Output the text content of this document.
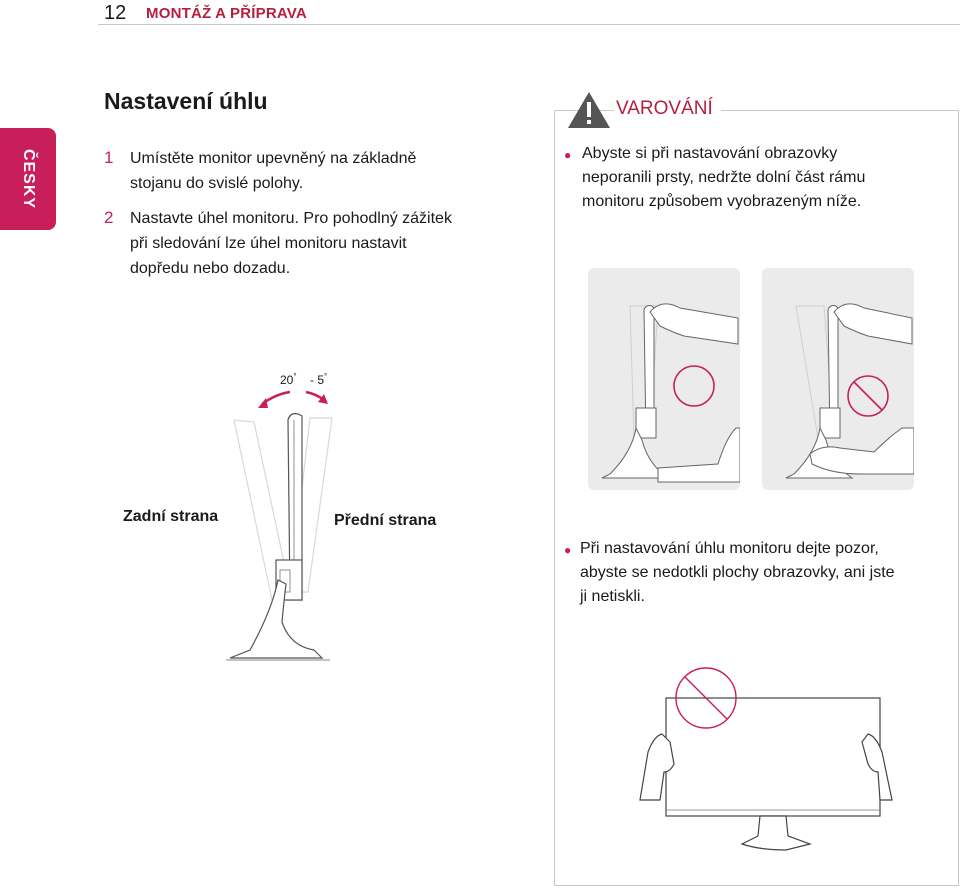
12 MONTÁŽ A PŘÍPRAVA
ČESKY
Nastavení úhlu
1 Umístěte monitor upevněný na základně
stojanu do svislé polohy.
2 Nastavte úhel monitoru. Pro pohodlný zážitek
při sledování lze úhel monitoru nastavit
dopředu nebo dozadu.
20° - 5°
Zadní strana	Přední strana
VAROVÁNÍ
● Abyste si při nastavování obrazovky
neporanili prsty, nedržte dolní část rámu
monitoru způsobem vyobrazeným níže.
● Při nastavování úhlu monitoru dejte pozor,
abyste se nedotkli plochy obrazovky, ani jste
ji netiskli.
